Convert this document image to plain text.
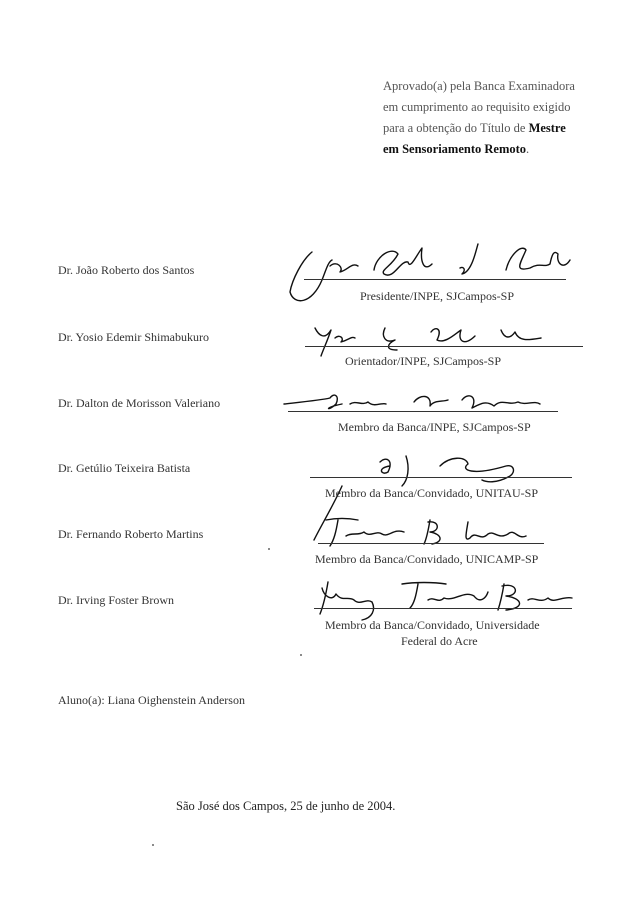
Aprovado(a) pela Banca Examinadora
em cumprimento ao requisito exigido
para a obtenção do Título de Mestre
em Sensoriamento Remoto.
Dr. João Roberto dos Santos
Presidente/INPE, SJCampos-SP
Dr. Yosio Edemir Shimabukuro
Orientador/INPE, SJCampos-SP
Dr. Dalton de Morisson Valeriano
Membro da Banca/INPE, SJCampos-SP
Dr. Getúlio Teixeira Batista
Membro da Banca/Convidado, UNITAU-SP
Dr. Fernando Roberto Martins
Membro da Banca/Convidado, UNICAMP-SP
Dr. Irving Foster Brown
Membro da Banca/Convidado, Universidade
Federal do Acre
Aluno(a): Liana Oighenstein Anderson
São José dos Campos, 25 de junho de 2004.
